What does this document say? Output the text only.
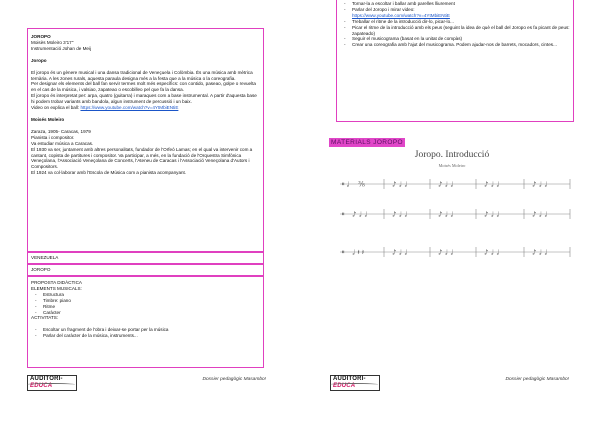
JOROPO
Moisès Moleiro 3'17''
Instrumentació Johan de Meij
Joropo

El joropo és un gènere musical i una dansa tradicional de Veneçuela i Colòmbia. És una música amb mètrica ternària. A les zones rurals, aquesta paraula designa més a la festa que a la música o la coreografia.

Per designar els elements del ball fan servir termes molt més específics: con contido, paseao, golpe o revuelta en el cas de la música, i valsiao, zapateao o escobilleo pel que fa la dansa.

El joropo és interpretat per: arpa, quatro (guitarra) i maraques com a base instrumental. A partir d'aquesta base hi podem trobar variants amb bandola, algun instrument de percussió i un baix.

Video on explica el ball: https://www.youtube.com/watch?v=4YtMbiENtiE

Moisés Moleiro
Zaraza, 1905- Caracas, 1979
Pianista i compositor.
Va estudiar música a Caracas.

El 1930 va ser, juntament amb altres personalitats, fundador de l'Orfeó Lamas; en el qual va intervenir com a cantant, copista de partitures i compositor. Va participar, a més, en la fundació de l'Orquestra Simfònica Veneçolana, l'Associació Veneçolana de Concerts, l'Ateneu de Caracas i l'Associació Veneçolana d'Autors i Compositors.

El 1924 va col·laborar amb l'Escola de Música com a pianista acompanyant.

VENEZUELA
JOROPO
PROPOSTA DIDÀCTICA
ELEMENTS MUSICALS:
- Estructura
- Timbre: piano
- Ritme
- Caràcter
ACTIVITATS:
- Escoltar un fragment de l'obra i deixar-se portar per la música
- Parlar del caràcter de la música, instruments...
AUDITORI-EDUCA
Dossier pedagògic Masambo!
- Tornar-la a escoltar i ballar amb parelles lliurement
- Parlar del Joropo i mirar video:
https://www.youtube.com/watch?v=4YtMbiENtiE
- Treballar el ritme de la introducció dir-lo, picar-lo...
- Picar el ritme de la introducció amb els peus (seguint la idea de què el ball del Joropo es fa picant de peus: zapateado)
- Seguir el musicograma (basat en la unitat de compàs)
- Crear una coreografia amb l'ajut del musicograma. Podem ajudar-nos de barrets, mocadors, cintes...
MATERIALS JOROPO
Joropo. Introducció
Moisés Moleiro
𝄥 ♩ ⅜	♪ ♩ ♩	♪ ♩ ♩	♪ ♩ ♩	♪ ♩ ♩
𝄥 ♪ ♩ ♩	♪ ♩ ♩	♪ ♩ ♩	♪ ♩ ♩	♪ ♩ ♩
𝄥 ♩ 𝄽 𝄽	♪ ♩ ♩	♪ ♩ ♩	♪ ♩ ♩	♪ ♩ ♩
AUDITORI-EDUCA
Dossier pedagògic Masambo!
